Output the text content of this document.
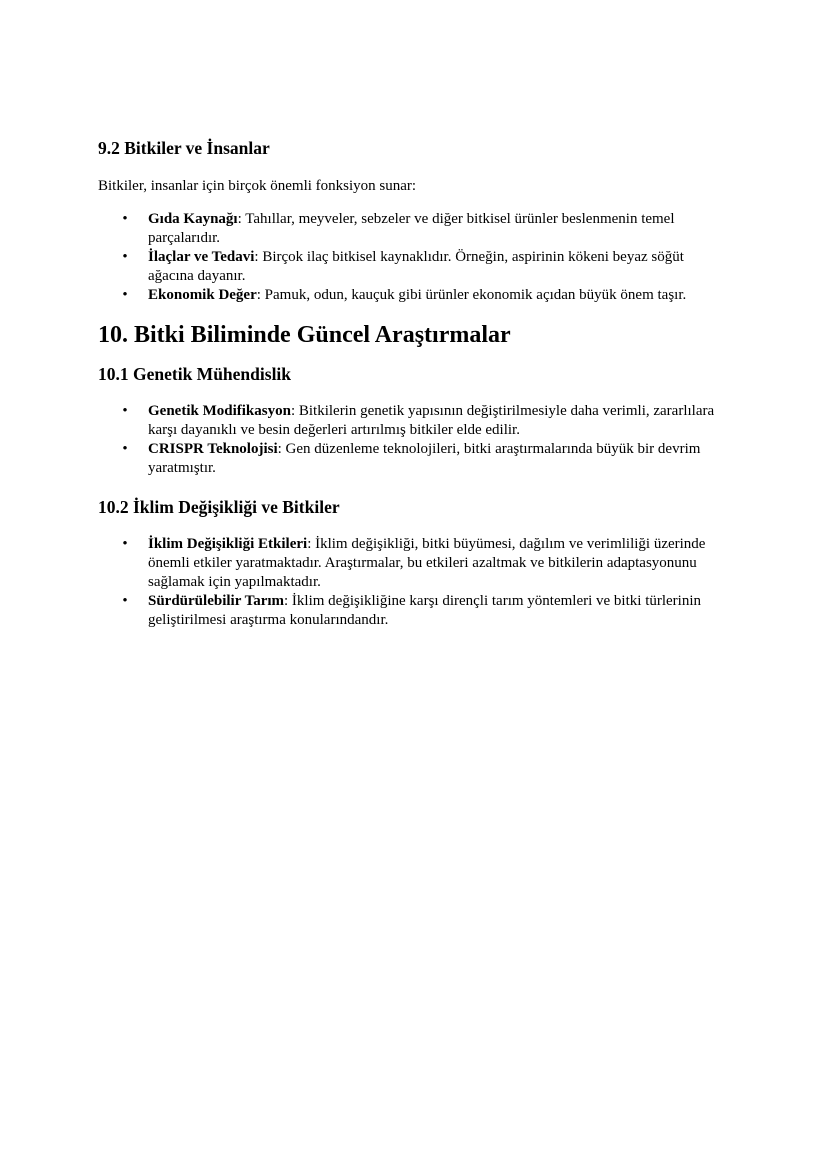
9.2 Bitkiler ve İnsanlar

Bitkiler, insanlar için birçok önemli fonksiyon sunar:

• Gıda Kaynağı: Tahıllar, meyveler, sebzeler ve diğer bitkisel ürünler beslenmenin temel parçalarıdır.
• İlaçlar ve Tedavi: Birçok ilaç bitkisel kaynaklıdır. Örneğin, aspirinin kökeni beyaz söğüt ağacına dayanır.
• Ekonomik Değer: Pamuk, odun, kauçuk gibi ürünler ekonomik açıdan büyük önem taşır.
10. Bitki Biliminde Güncel Araştırmalar
10.1 Genetik Mühendislik
• Genetik Modifikasyon: Bitkilerin genetik yapısının değiştirilmesiyle daha verimli, zararlılara karşı dayanıklı ve besin değerleri artırılmış bitkiler elde edilir.
• CRISPR Teknolojisi: Gen düzenleme teknolojileri, bitki araştırmalarında büyük bir devrim yaratmıştır.
10.2 İklim Değişikliği ve Bitkiler
• İklim Değişikliği Etkileri: İklim değişikliği, bitki büyümesi, dağılım ve verimliliği üzerinde önemli etkiler yaratmaktadır. Araştırmalar, bu etkileri azaltmak ve bitkilerin adaptasyonunu sağlamak için yapılmaktadır.
• Sürdürülebilir Tarım: İklim değişikliğine karşı dirençli tarım yöntemleri ve bitki türlerinin geliştirilmesi araştırma konularındandır.
